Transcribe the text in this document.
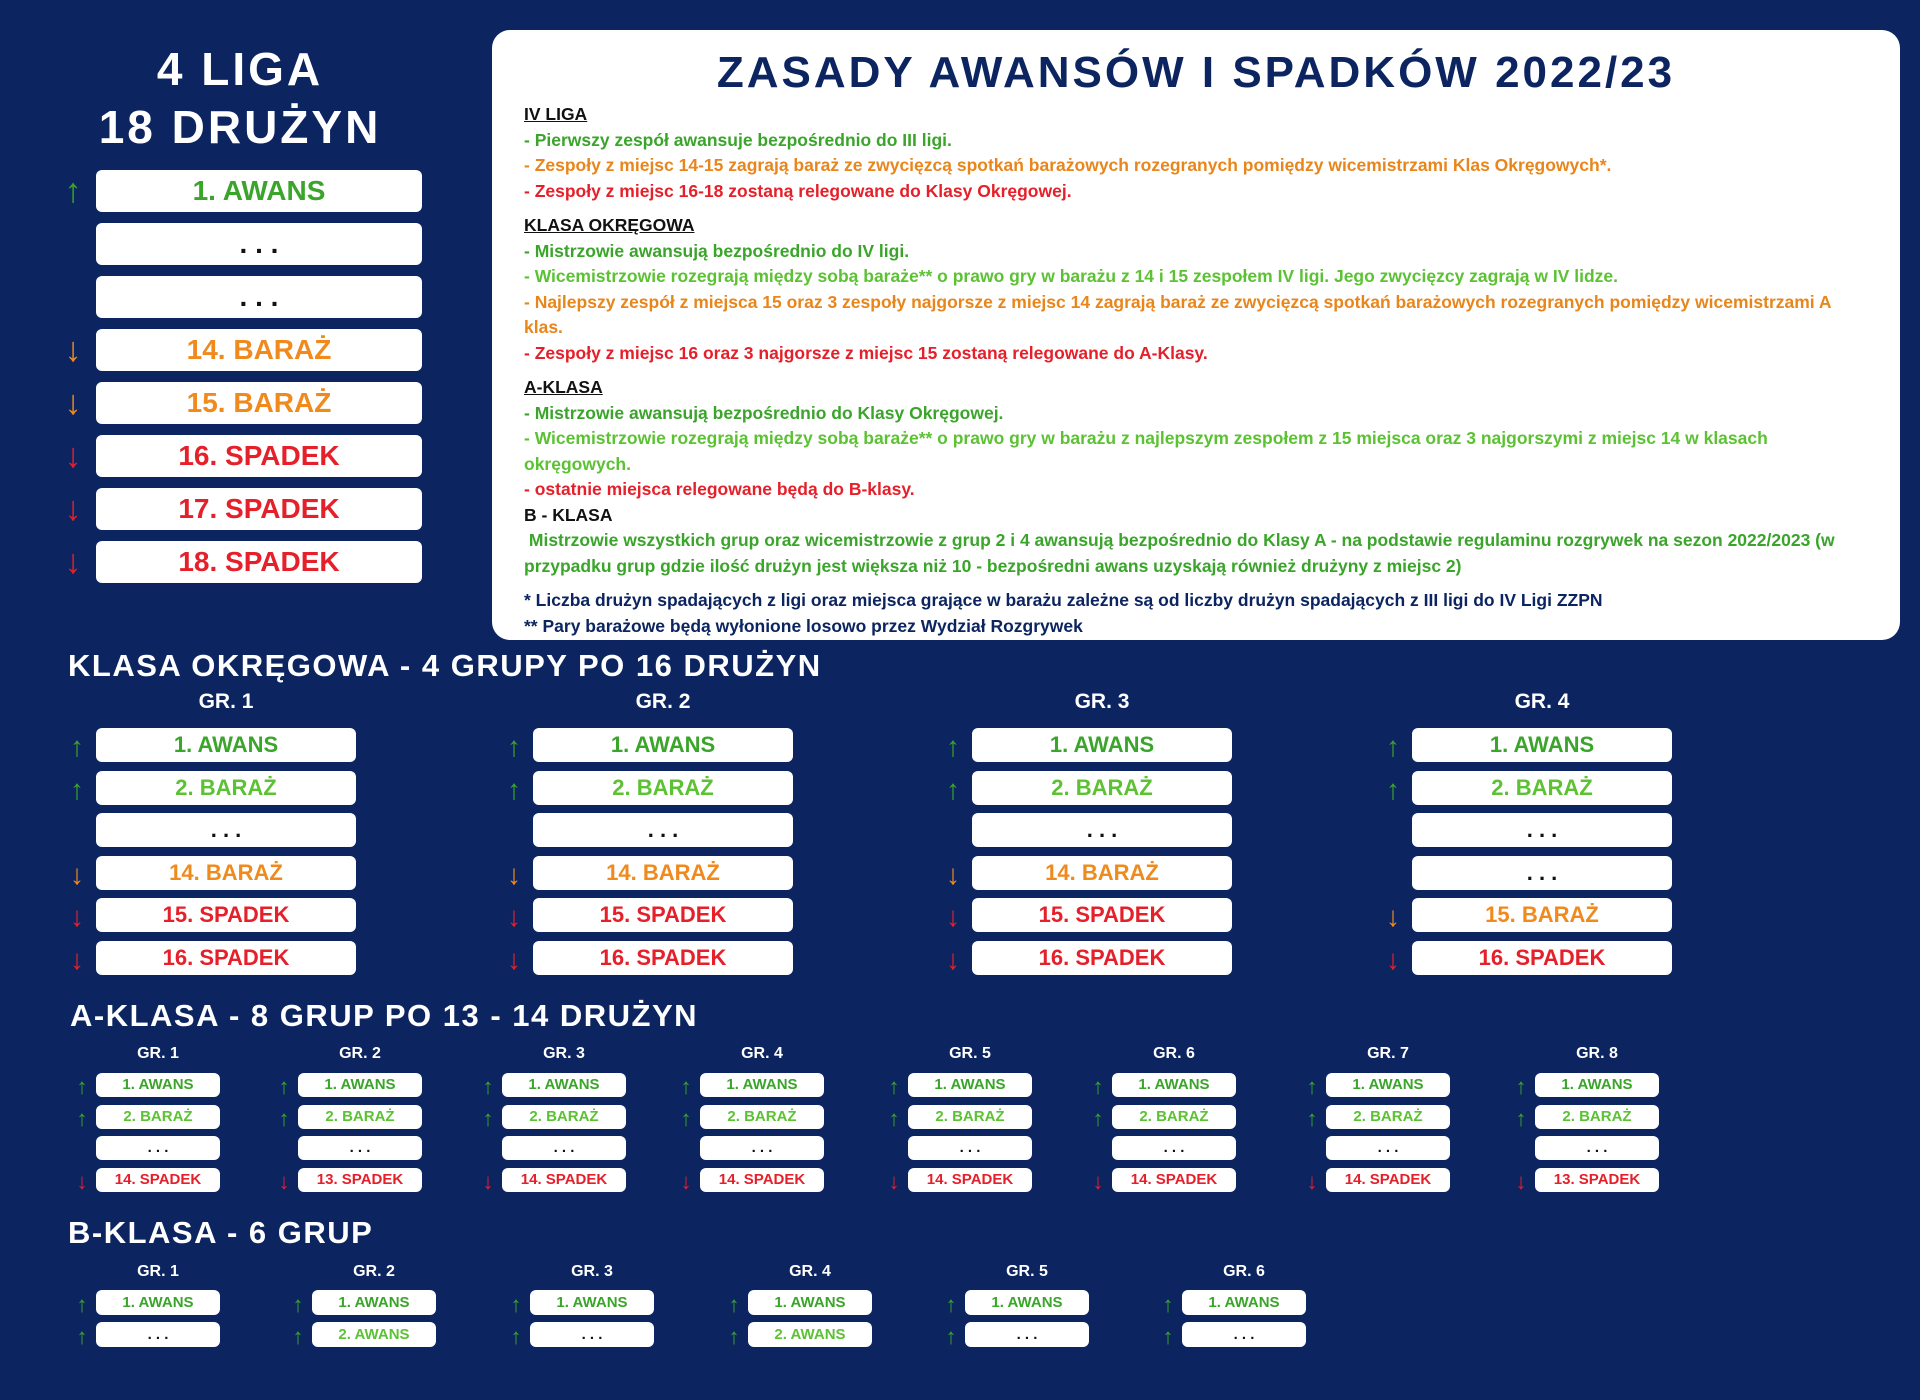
4 LIGA
18 DRUŻYN
↑	1. AWANS
. . .
. . .
↓	14. BARAŻ
↓	15. BARAŻ
↓	16. SPADEK
↓	17. SPADEK
↓	18. SPADEK
ZASADY AWANSÓW I SPADKÓW 2022/23
IV LIGA
- Pierwszy zespół awansuje bezpośrednio do III ligi.
- Zespoły z miejsc 14-15 zagrają baraż ze zwycięzcą spotkań barażowych rozegranych pomiędzy wicemistrzami Klas Okręgowych*.
- Zespoły z miejsc 16-18 zostaną relegowane do Klasy Okręgowej.
KLASA OKRĘGOWA
- Mistrzowie awansują bezpośrednio do IV ligi.
- Wicemistrzowie rozegrają między sobą baraże** o prawo gry w barażu z 14 i 15 zespołem IV ligi. Jego zwycięzcy zagrają w IV lidze.
- Najlepszy zespół z miejsca 15 oraz 3 zespoły najgorsze z miejsc 14 zagrają baraż ze zwycięzcą spotkań barażowych rozegranych pomiędzy wicemistrzami A klas.
- Zespoły z miejsc 16 oraz 3 najgorsze z miejsc 15 zostaną relegowane do A-Klasy.
A-KLASA
- Mistrzowie awansują bezpośrednio do Klasy Okręgowej.
- Wicemistrzowie rozegrają między sobą baraże** o prawo gry w barażu z najlepszym zespołem z 15 miejsca oraz 3 najgorszymi z miejsc 14 w klasach okręgowych.
- ostatnie miejsca relegowane będą do B-klasy.
B - KLASA
Mistrzowie wszystkich grup oraz wicemistrzowie z grup 2 i 4 awansują bezpośrednio do Klasy A - na podstawie regulaminu rozgrywek na sezon 2022/2023 (w przypadku grup gdzie ilość drużyn jest większa niż 10 - bezpośredni awans uzyskają również drużyny z miejsc 2)
* Liczba drużyn spadających z ligi oraz miejsca grające w barażu zależne są od liczby drużyn spadających z III ligi do IV Ligi ZZPN
** Pary barażowe będą wyłonione losowo przez Wydział Rozgrywek
KLASA OKRĘGOWA - 4 GRUPY PO 16 DRUŻYN
A-KLASA - 8 GRUP PO 13 - 14 DRUŻYN
B-KLASA - 6 GRUP
GR. 1
↑	1. AWANS
↑	2. BARAŻ
. . .
↓	14. BARAŻ
↓	15. SPADEK
↓	16. SPADEK
GR. 2
↑	1. AWANS
↑	2. BARAŻ
. . .
↓	14. BARAŻ
↓	15. SPADEK
↓	16. SPADEK
GR. 3
↑	1. AWANS
↑	2. BARAŻ
. . .
↓	14. BARAŻ
↓	15. SPADEK
↓	16. SPADEK
GR. 4
↑	1. AWANS
↑	2. BARAŻ
. . .
. . .
↓	15. BARAŻ
↓	16. SPADEK
GR. 1
↑	1. AWANS
↑	2. BARAŻ
. . .
↓	14. SPADEK
GR. 2
↑	1. AWANS
↑	2. BARAŻ
. . .
↓	13. SPADEK
GR. 3
↑	1. AWANS
↑	2. BARAŻ
. . .
↓	14. SPADEK
GR. 4
↑	1. AWANS
↑	2. BARAŻ
. . .
↓	14. SPADEK
GR. 5
↑	1. AWANS
↑	2. BARAŻ
. . .
↓	14. SPADEK
GR. 6
↑	1. AWANS
↑	2. BARAŻ
. . .
↓	14. SPADEK
GR. 7
↑	1. AWANS
↑	2. BARAŻ
. . .
↓	14. SPADEK
GR. 8
↑	1. AWANS
↑	2. BARAŻ
. . .
↓	13. SPADEK
GR. 1
↑	1. AWANS
↑	. . .
GR. 2
↑	1. AWANS
↑	2. AWANS
GR. 3
↑	1. AWANS
↑	. . .
GR. 4
↑	1. AWANS
↑	2. AWANS
GR. 5
↑	1. AWANS
↑	. . .
GR. 6
↑	1. AWANS
↑	. . .
